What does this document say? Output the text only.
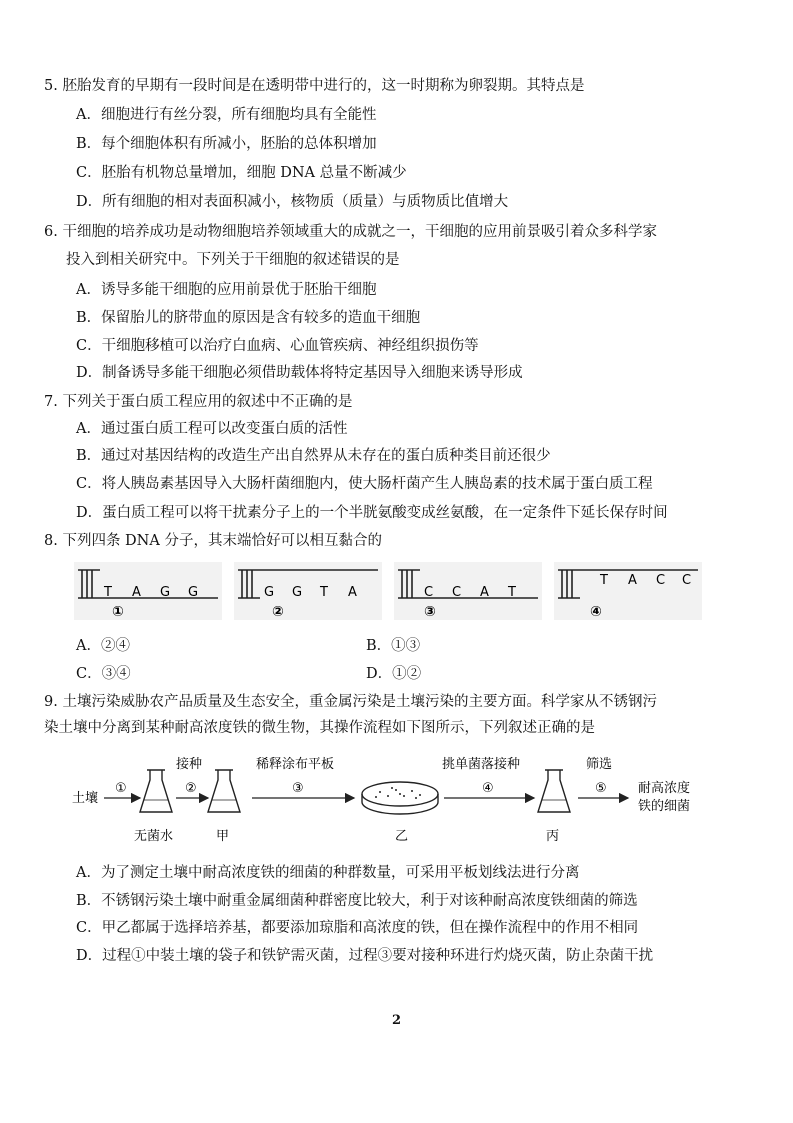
5. 胚胎发育的早期有一段时间是在透明带中进行的，这一时期称为卵裂期。其特点是
A．细胞进行有丝分裂，所有细胞均具有全能性
B．每个细胞体积有所减小，胚胎的总体积增加
C．胚胎有机物总量增加，细胞 DNA 总量不断减少
D．所有细胞的相对表面积减小，核物质（质量）与质物质比值增大
6. 干细胞的培养成功是动物细胞培养领域重大的成就之一，干细胞的应用前景吸引着众多科学家
投入到相关研究中。下列关于干细胞的叙述错误的是
A．诱导多能干细胞的应用前景优于胚胎干细胞
B．保留胎儿的脐带血的原因是含有较多的造血干细胞
C．干细胞移植可以治疗白血病、心血管疾病、神经组织损伤等
D．制备诱导多能干细胞必须借助载体将特定基因导入细胞来诱导形成
7. 下列关于蛋白质工程应用的叙述中不正确的是
A．通过蛋白质工程可以改变蛋白质的活性
B．通过对基因结构的改造生产出自然界从未存在的蛋白质种类目前还很少
C．将人胰岛素基因导入大肠杆菌细胞内，使大肠杆菌产生人胰岛素的技术属于蛋白质工程
D．蛋白质工程可以将干扰素分子上的一个半胱氨酸变成丝氨酸，在一定条件下延长保存时间
8. 下列四条 DNA 分子，其末端恰好可以相互黏合的
T A G G
①
G G T A
②
C C A T
③
T A C C
④
A．②④	B．①③
C．③④	D．①②
9. 土壤污染威胁农产品质量及生态安全，重金属污染是土壤污染的主要方面。科学家从不锈钢污
染土壤中分离到某种耐高浓度铁的微生物，其操作流程如下图所示，下列叙述正确的是
土壤
①
无菌水
接种
②
甲
稀释涂布平板
③
乙
挑单菌落接种
④
丙
筛选
⑤ 耐高浓度
铁的细菌
A．为了测定土壤中耐高浓度铁的细菌的种群数量，可采用平板划线法进行分离
B．不锈钢污染土壤中耐重金属细菌种群密度比较大，利于对该种耐高浓度铁细菌的筛选
C．甲乙都属于选择培养基，都要添加琼脂和高浓度的铁，但在操作流程中的作用不相同
D．过程①中装土壤的袋子和铁铲需灭菌，过程③要对接种环进行灼烧灭菌，防止杂菌干扰
2
